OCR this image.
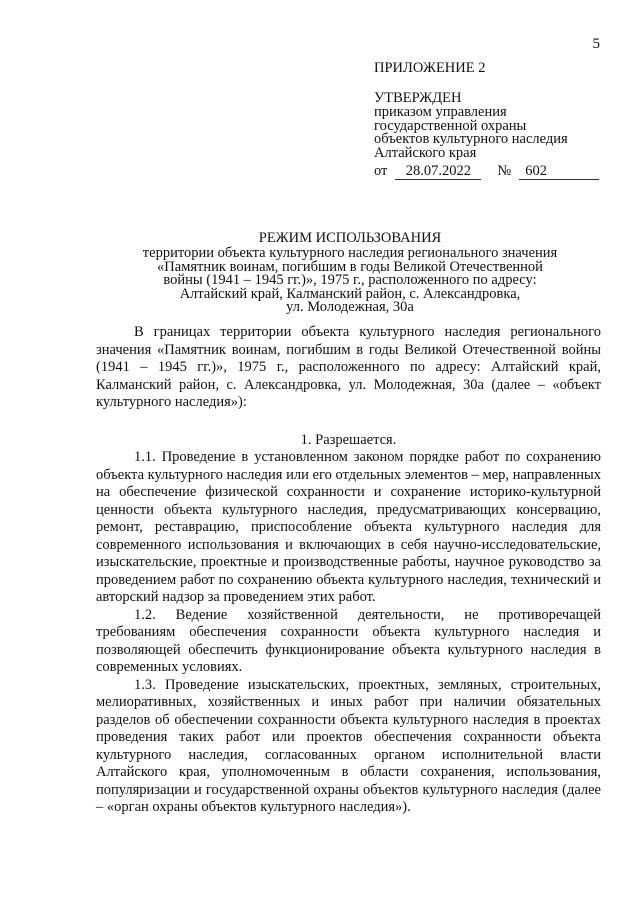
5
ПРИЛОЖЕНИЕ 2
УТВЕРЖДЕН
приказом управления
государственной охраны
объектов культурного наследия
Алтайского края
от	28.07.2022	№ 602
РЕЖИМ ИСПОЛЬЗОВАНИЯ
территории объекта культурного наследия регионального значения
«Памятник воинам, погибшим в годы Великой Отечественной
войны (1941 – 1945 гг.)», 1975 г., расположенного по адресу:
Алтайский край, Калманский район, с. Александровка,
ул. Молодежная, 30а

В границах территории объекта культурного наследия регионального значения «Памятник воинам, погибшим в годы Великой Отечественной войны (1941 – 1945 гг.)», 1975 г., расположенного по адресу: Алтайский край, Калманский район, с. Александровка, ул. Молодежная, 30а (далее – «объект культурного наследия»):

1. Разрешается.

1.1. Проведение в установленном законом порядке работ по сохранению объекта культурного наследия или его отдельных элементов – мер, направленных на обеспечение физической сохранности и сохранение историко-культурной ценности объекта культурного наследия, предусматривающих консервацию, ремонт, реставрацию, приспособление объекта культурного наследия для современного использования и включающих в себя научно-исследовательские, изыскательские, проектные и производственные работы, научное руководство за проведением работ по сохранению объекта культурного наследия, технический и авторский надзор за проведением этих работ.

1.2. Ведение хозяйственной деятельности, не противоречащей требованиям обеспечения сохранности объекта культурного наследия и позволяющей обеспечить функционирование объекта культурного наследия в современных условиях.

1.3. Проведение изыскательских, проектных, земляных, строительных, мелиоративных, хозяйственных и иных работ при наличии обязательных разделов об обеспечении сохранности объекта культурного наследия в проектах проведения таких работ или проектов обеспечения сохранности объекта культурного наследия, согласованных органом исполнительной власти Алтайского края, уполномоченным в области сохранения, использования, популяризации и государственной охраны объектов культурного наследия (далее – «орган охраны объектов культурного наследия»).
